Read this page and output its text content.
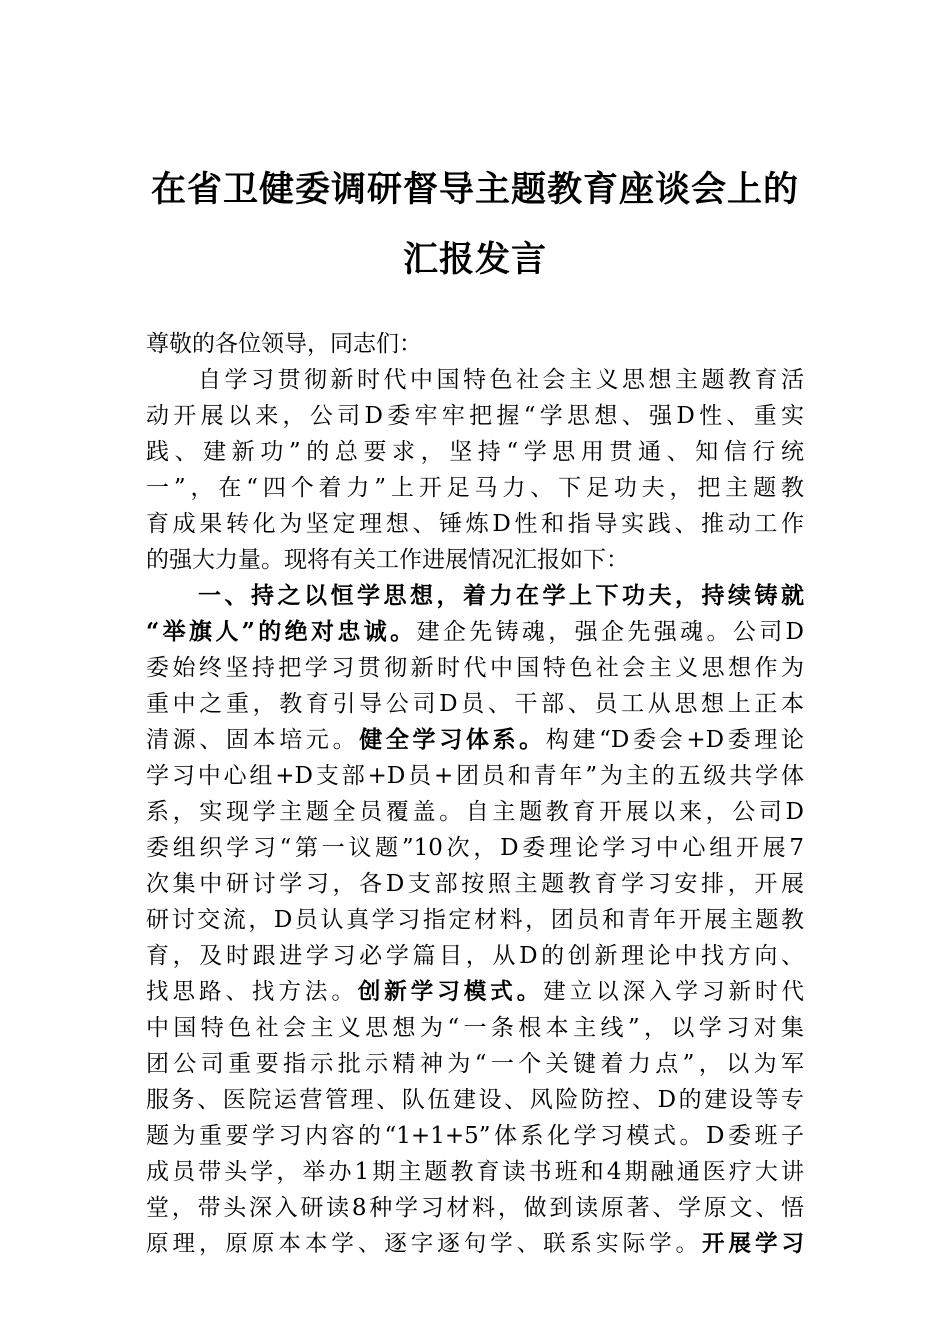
在省卫健委调研督导主题教育座谈会上的
汇报发言
尊敬的各位领导，同志们：
自学习贯彻新时代中国特色社会主义思想主题教育活
动开展以来，公司D委牢牢把握“学思想、强D性、重实
践、建新功”的总要求，坚持“学思用贯通、知信行统
一”，在“四个着力”上开足马力、下足功夫，把主题教
育成果转化为坚定理想、锤炼D性和指导实践、推动工作
的强大力量。现将有关工作进展情况汇报如下：
一、持之以恒学思想，着力在学上下功夫，持续铸就
“举旗人”的绝对忠诚。建企先铸魂，强企先强魂。公司D
委始终坚持把学习贯彻新时代中国特色社会主义思想作为
重中之重，教育引导公司D员、干部、员工从思想上正本
清源、固本培元。健全学习体系。构建“D委会+D委理论
学习中心组+D支部+D员+团员和青年”为主的五级共学体
系，实现学主题全员覆盖。自主题教育开展以来，公司D
委组织学习“第一议题”10次，D委理论学习中心组开展7
次集中研讨学习，各D支部按照主题教育学习安排，开展
研讨交流，D员认真学习指定材料，团员和青年开展主题教
育，及时跟进学习必学篇目，从D的创新理论中找方向、
找思路、找方法。创新学习模式。建立以深入学习新时代
中国特色社会主义思想为“一条根本主线”，以学习对集
团公司重要指示批示精神为“一个关键着力点”，以为军
服务、医院运营管理、队伍建设、风险防控、D的建设等专
题为重要学习内容的“1+1+5”体系化学习模式。D委班子
成员带头学，举办1期主题教育读书班和4期融通医疗大讲
堂，带头深入研读8种学习材料，做到读原著、学原文、悟
原理，原原本本学、逐字逐句学、联系实际学。开展学习
